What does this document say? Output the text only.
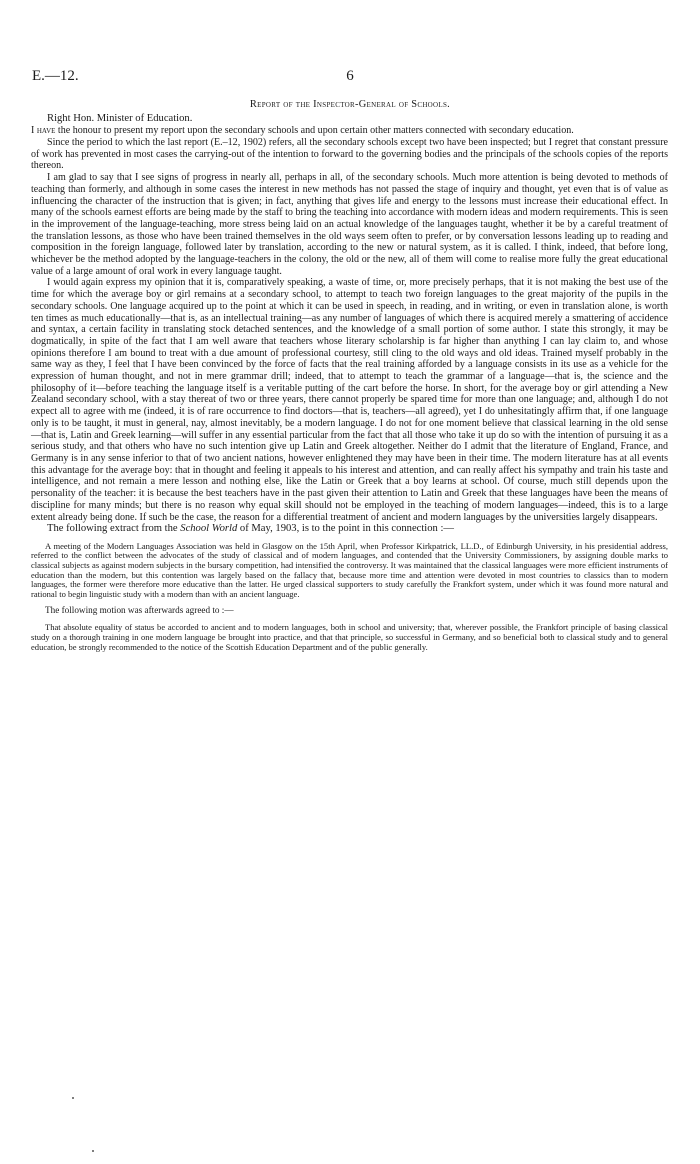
E.—12.	6
Report of the Inspector-General of Schools.

Right Hon. Minister of Education.

I have the honour to present my report upon the secondary schools and upon certain other matters connected with secondary education.

Since the period to which the last report (E.–12, 1902) refers, all the secondary schools except two have been inspected; but I regret that constant pressure of work has prevented in most cases the carrying-out of the intention to forward to the governing bodies and the principals of the schools copies of the reports thereon.

I am glad to say that I see signs of progress in nearly all, perhaps in all, of the secondary schools. Much more attention is being devoted to methods of teaching than formerly, and although in some cases the interest in new methods has not passed the stage of inquiry and thought, yet even that is of value as influencing the character of the instruction that is given; in fact, anything that gives life and energy to the lessons must increase their educational effect. In many of the schools earnest efforts are being made by the staff to bring the teaching into accordance with modern ideas and modern requirements. This is seen in the improvement of the language-teaching, more stress being laid on an actual knowledge of the languages taught, whether it be by a careful treatment of the translation lessons, as those who have been trained themselves in the old ways seem often to prefer, or by conversation lessons leading up to reading and composition in the foreign language, followed later by translation, according to the new or natural system, as it is called. I think, indeed, that before long, whichever be the method adopted by the language-teachers in the colony, the old or the new, all of them will come to realise more fully the great educational value of a large amount of oral work in every language taught.

I would again express my opinion that it is, comparatively speaking, a waste of time, or, more precisely perhaps, that it is not making the best use of the time for which the average boy or girl remains at a secondary school, to attempt to teach two foreign languages to the great majority of the pupils in the secondary schools. One language acquired up to the point at which it can be used in speech, in reading, and in writing, or even in translation alone, is worth ten times as much educationally—that is, as an intellectual training—as any number of languages of which there is acquired merely a smattering of accidence and syntax, a certain facility in translating stock detached sentences, and the knowledge of a small portion of some author. I state this strongly, it may be dogmatically, in spite of the fact that I am well aware that teachers whose literary scholarship is far higher than anything I can lay claim to, and whose opinions therefore I am bound to treat with a due amount of professional courtesy, still cling to the old ways and old ideas. Trained myself probably in the same way as they, I feel that I have been convinced by the force of facts that the real training afforded by a language consists in its use as a vehicle for the expression of human thought, and not in mere grammar drill; indeed, that to attempt to teach the grammar of a language—that is, the science and the philosophy of it—before teaching the language itself is a veritable putting of the cart before the horse. In short, for the average boy or girl attending a New Zealand secondary school, with a stay thereat of two or three years, there cannot properly be spared time for more than one language; and, although I do not expect all to agree with me (indeed, it is of rare occurrence to find doctors—that is, teachers—all agreed), yet I do unhesitatingly affirm that, if one language only is to be taught, it must in general, nay, almost inevitably, be a modern language. I do not for one moment believe that classical learning in the old sense—that is, Latin and Greek learning—will suffer in any essential particular from the fact that all those who take it up do so with the intention of pursuing it as a serious study, and that others who have no such intention give up Latin and Greek altogether. Neither do I admit that the literature of England, France, and Germany is in any sense inferior to that of two ancient nations, however enlightened they may have been in their time. The modern literature has at all events this advantage for the average boy: that in thought and feeling it appeals to his interest and attention, and can really affect his sympathy and train his taste and intelligence, and not remain a mere lesson and nothing else, like the Latin or Greek that a boy learns at school. Of course, much still depends upon the personality of the teacher: it is because the best teachers have in the past given their attention to Latin and Greek that these languages have been the means of discipline for many minds; but there is no reason why equal skill should not be employed in the teaching of modern languages—indeed, this is to a large extent already being done. If such be the case, the reason for a differential treatment of ancient and modern languages by the universities largely disappears.

The following extract from the School World of May, 1903, is to the point in this connection :—

A meeting of the Modern Languages Association was held in Glasgow on the 15th April, when Professor Kirkpatrick, LL.D., of Edinburgh University, in his presidential address, referred to the conflict between the advocates of the study of classical and of modern languages, and contended that the University Commissioners, by assigning double marks to classical subjects as against modern subjects in the bursary competition, had intensified the controversy. It was maintained that the classical languages were more efficient instruments of education than the modern, but this contention was largely based on the fallacy that, because more time and attention were devoted in most countries to classics than to modern languages, the former were therefore more educative than the latter. He urged classical supporters to study carefully the Frankfort system, under which it was found more natural and rational to begin linguistic study with a modern than with an ancient language.

The following motion was afterwards agreed to :—

That absolute equality of status be accorded to ancient and to modern languages, both in school and university; that, wherever possible, the Frankfort principle of basing classical study on a thorough training in one modern language be brought into practice, and that that principle, so successful in Germany, and so beneficial both to classical study and to general education, be strongly recommended to the notice of the Scottish Education Department and of the public generally.
